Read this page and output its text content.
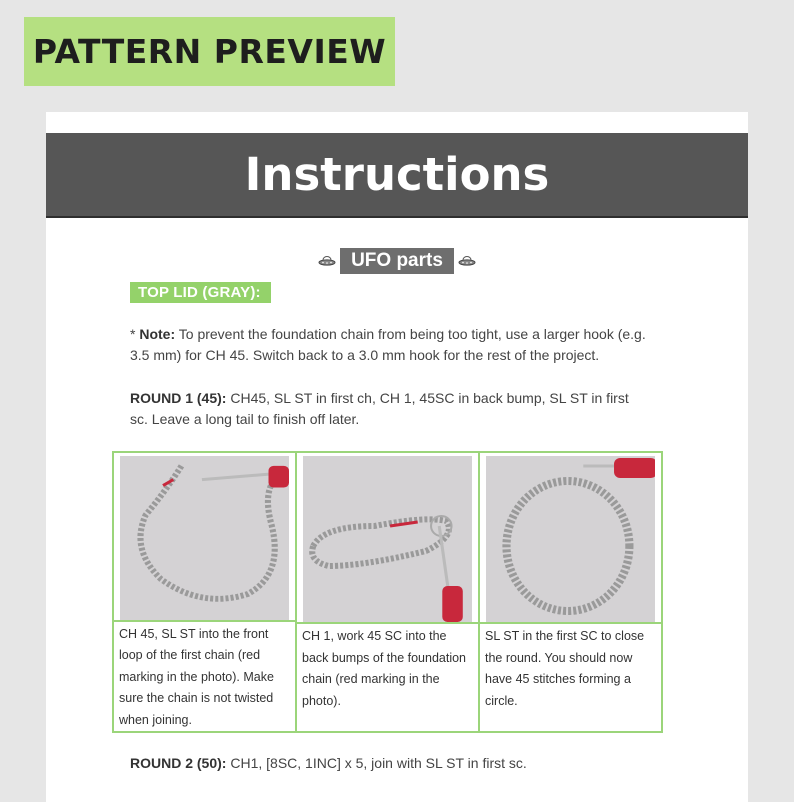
PATTERN PREVIEW
Instructions
UFO parts
TOP LID (GRAY):
* Note: To prevent the foundation chain from being too tight, use a larger hook (e.g. 3.5 mm) for CH 45. Switch back to a 3.0 mm hook for the rest of the project.
ROUND 1 (45): CH45, SL ST in first ch, CH 1, 45SC in back bump, SL ST in first sc. Leave a long tail to finish off later.
CH 45, SL ST into the front loop of the first chain (red marking in the photo). Make sure the chain is not twisted when joining.
CH 1, work 45 SC into the back bumps of the foundation chain (red marking in the photo).
SL ST in the first SC to close the round. You should now have 45 stitches forming a circle.
ROUND 2 (50): CH1, [8SC, 1INC] x 5, join with SL ST in first sc.
